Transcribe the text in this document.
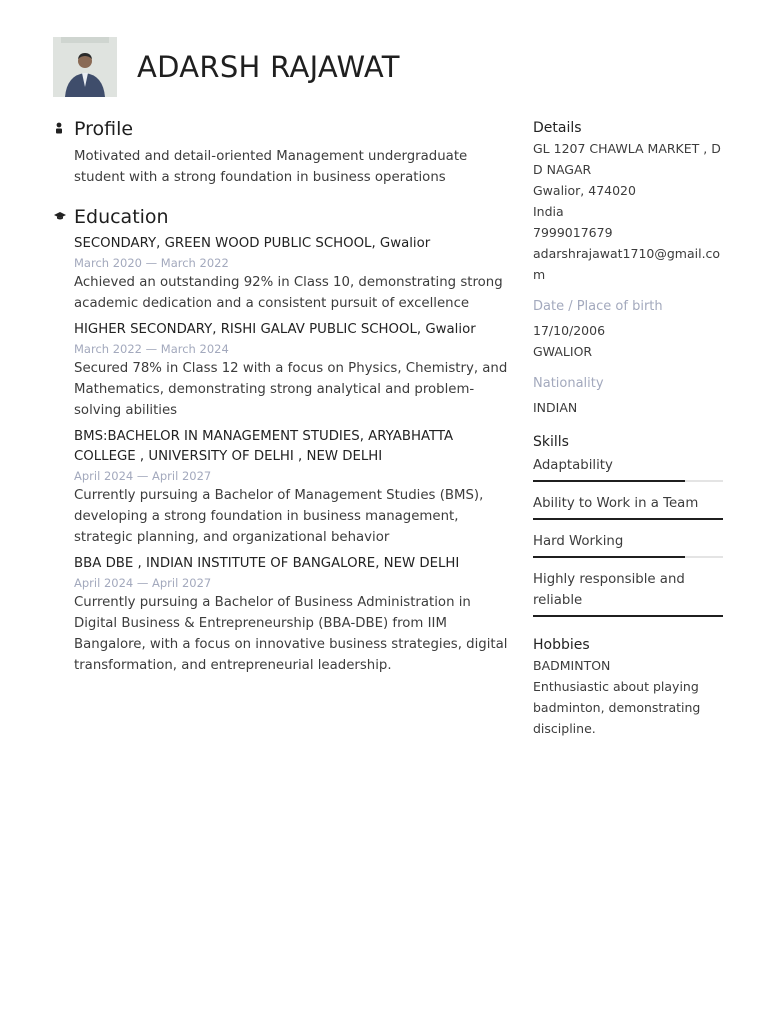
ADARSH RAJAWAT
Profile
Motivated and detail-oriented Management undergraduate student with a strong foundation in business operations
Education
SECONDARY, GREEN WOOD PUBLIC SCHOOL, Gwalior
March 2020 — March 2022
Achieved an outstanding 92% in Class 10, demonstrating strong academic dedication and a consistent pursuit of excellence
HIGHER SECONDARY, RISHI GALAV PUBLIC SCHOOL, Gwalior
March 2022 — March 2024
Secured 78% in Class 12 with a focus on Physics, Chemistry, and Mathematics, demonstrating strong analytical and problem-solving abilities
BMS:BACHELOR IN MANAGEMENT STUDIES, ARYABHATTA COLLEGE , UNIVERSITY OF DELHI , NEW DELHI
April 2024 — April 2027
Currently pursuing a Bachelor of Management Studies (BMS), developing a strong foundation in business management, strategic planning, and organizational behavior
BBA DBE , INDIAN INSTITUTE OF BANGALORE, NEW DELHI
April 2024 — April 2027
Currently pursuing a Bachelor of Business Administration in Digital Business & Entrepreneurship (BBA-DBE) from IIM Bangalore, with a focus on innovative business strategies, digital transformation, and entrepreneurial leadership.
Details
GL 1207 CHAWLA MARKET , DD NAGAR
Gwalior, 474020
India
7999017679
adarshrajawat1710@gmail.com
Date / Place of birth
17/10/2006
GWALIOR
Nationality
INDIAN
Skills
Adaptability
Ability to Work in a Team
Hard Working
Highly responsible and reliable
Hobbies
BADMINTON
Enthusiastic about playing badminton, demonstrating discipline.
